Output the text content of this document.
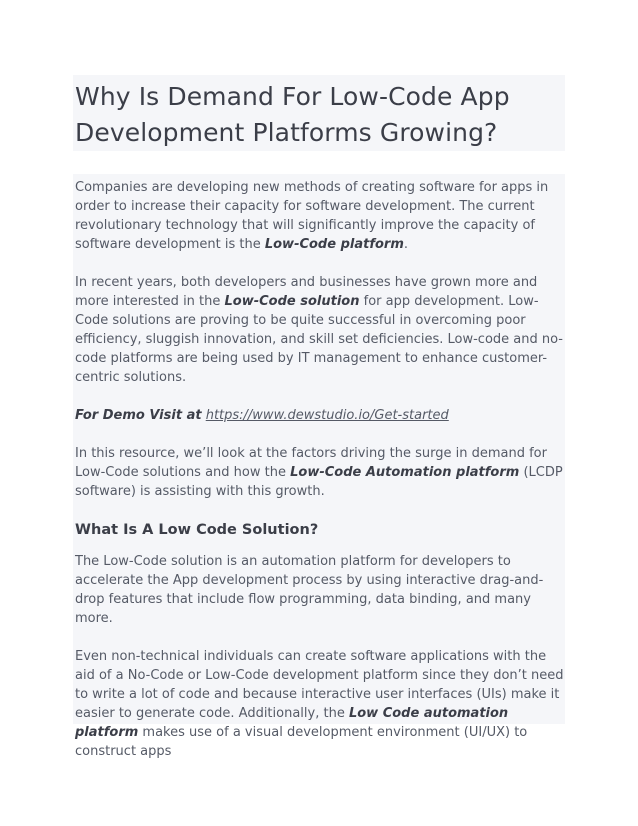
Why Is Demand For Low-Code App Development Platforms Growing?

Companies are developing new methods of creating software for apps in order to increase their capacity for software development. The current revolutionary technology that will significantly improve the capacity of software development is the Low-Code platform.

In recent years, both developers and businesses have grown more and more interested in the Low-Code solution for app development. Low-Code solutions are proving to be quite successful in overcoming poor efficiency, sluggish innovation, and skill set deficiencies. Low-code and no-code platforms are being used by IT management to enhance customer-centric solutions.

For Demo Visit at https://www.dewstudio.io/Get-started

In this resource, we’ll look at the factors driving the surge in demand for Low-Code solutions and how the Low-Code Automation platform (LCDP software) is assisting with this growth.

What Is A Low Code Solution?

The Low-Code solution is an automation platform for developers to accelerate the App development process by using interactive drag-and-drop features that include flow programming, data binding, and many more.

Even non-technical individuals can create software applications with the aid of a No-Code or Low-Code development platform since they don’t need to write a lot of code and because interactive user interfaces (UIs) make it easier to generate code. Additionally, the Low Code automation platform makes use of a visual development environment (UI/UX) to construct apps
